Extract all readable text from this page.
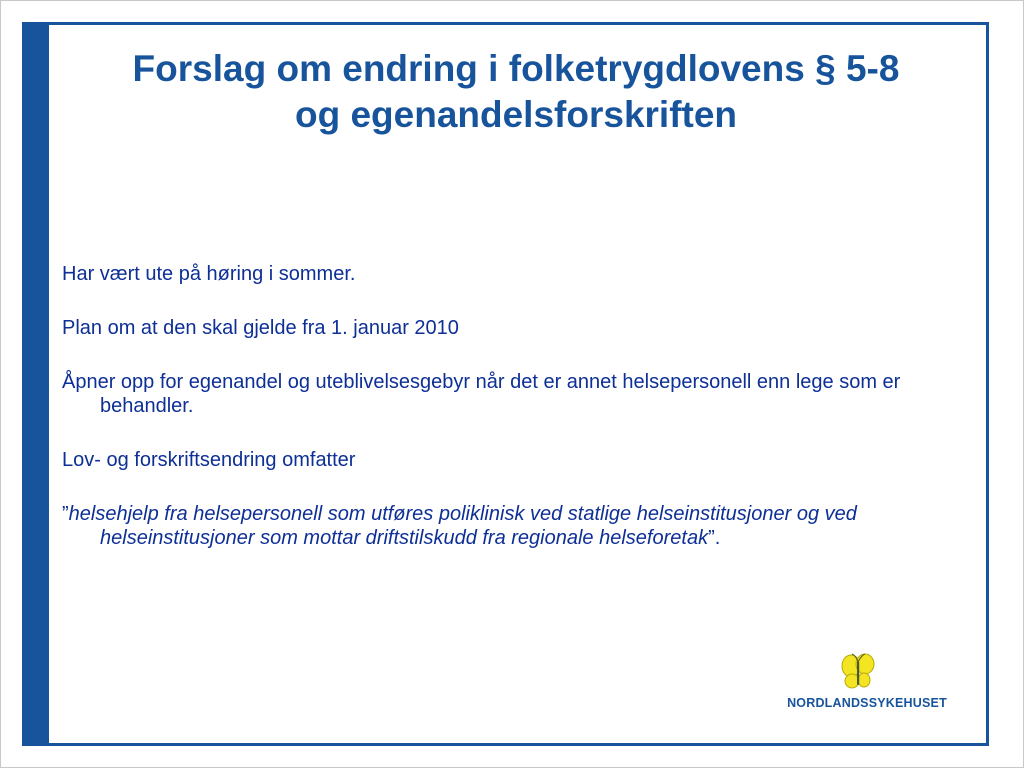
Forslag om endring i folketrygdlovens § 5-8
og egenandelsforskriften

Har vært ute på høring i sommer.

Plan om at den skal gjelde fra 1. januar 2010

Åpner opp for egenandel og uteblivelsesgebyr når det er annet helsepersonell enn lege som er behandler.

Lov- og forskriftsendring omfatter

”helsehjelp fra helsepersonell som utføres poliklinisk ved statlige helseinstitusjoner og ved helseinstitusjoner som mottar driftstilskudd fra regionale helseforetak”.

NORDLANDSSYKEHUSET
